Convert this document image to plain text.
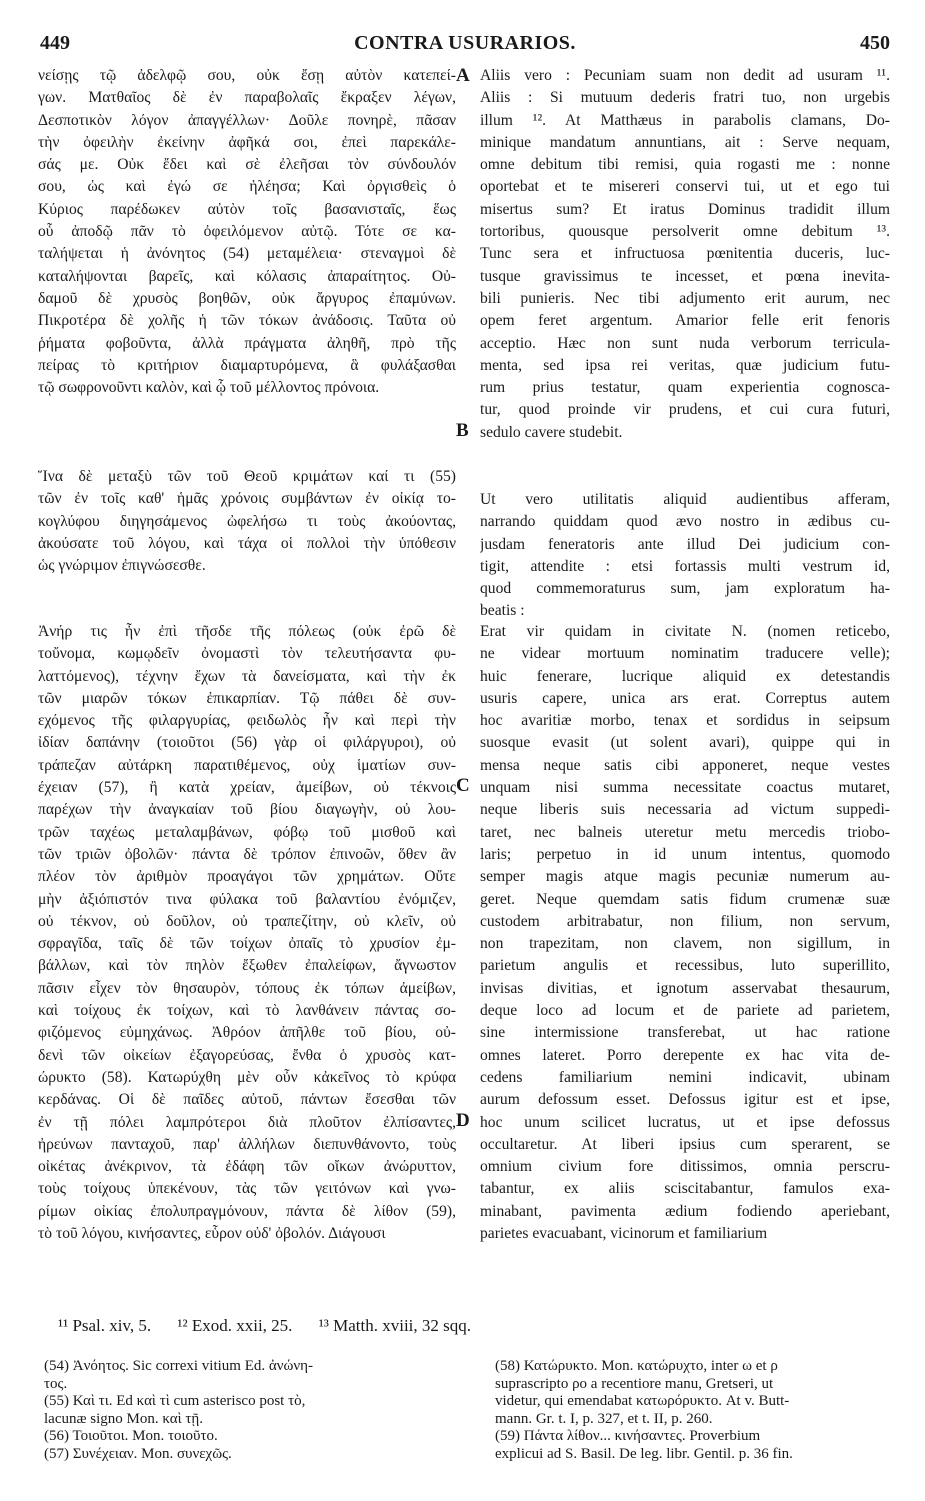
449	CONTRA USURARIOS.	450
νείσῃς τῷ ἀδελφῷ σου, οὐκ ἔσῃ αὐτὸν κατεπεί-
γων. Ματθαῖος δὲ ἐν παραβολαῖς ἔκραξεν λέγων,
Δεσποτικὸν λόγον ἀπαγγέλλων· Δοῦλε πονηρὲ, πᾶσαν
τὴν ὀφειλὴν ἐκείνην ἀφῆκά σοι, ἐπεὶ παρεκάλε-
σάς με. Οὐκ ἔδει καὶ σὲ ἐλεῆσαι τὸν σύνδουλόν
σου, ὡς καὶ ἐγώ σε ἠλέησα; Καὶ ὀργισθεὶς ὁ
Κύριος παρέδωκεν αὐτὸν τοῖς βασανισταῖς, ἕως
οὗ ἀποδῷ πᾶν τὸ ὀφειλόμενον αὐτῷ. Τότε σε κα-
ταλήψεται ἡ ἀνόνητος (54) μεταμέλεια· στεναγμοὶ δὲ
καταλήψονται βαρεῖς, καὶ κόλασις ἀπαραίτητος. Οὐ-
δαμοῦ δὲ χρυσὸς βοηθῶν, οὐκ ἄργυρος ἐπαμύνων.
Πικροτέρα δὲ χολῆς ἡ τῶν τόκων ἀνάδοσις. Ταῦτα οὐ
ῥήματα φοβοῦντα, ἀλλὰ πράγματα ἀληθῆ, πρὸ τῆς
πείρας τὸ κριτήριον διαμαρτυρόμενα, ἃ φυλάξασθαι
τῷ σωφρονοῦντι καλὸν, καὶ ᾧ τοῦ μέλλοντος πρόνοια.
Ἵνα δὲ μεταξὺ τῶν τοῦ Θεοῦ κριμάτων καί τι (55)
τῶν ἐν τοῖς καθ' ἡμᾶς χρόνοις συμβάντων ἐν οἰκίᾳ το-
κογλύφου διηγησάμενος ὠφελήσω τι τοὺς ἀκούοντας,
ἀκούσατε τοῦ λόγου, καὶ τάχα οἱ πολλοὶ τὴν ὑπόθεσιν
ὡς γνώριμον ἐπιγνώσεσθε.
Ἀνήρ τις ἦν ἐπὶ τῆσδε τῆς πόλεως (οὐκ ἐρῶ δὲ
τοὔνομα, κωμῳδεῖν ὀνομαστὶ τὸν τελευτήσαντα φυ-
λαττόμενος), τέχνην ἔχων τὰ δανείσματα, καὶ τὴν ἐκ
τῶν μιαρῶν τόκων ἐπικαρπίαν. Τῷ πάθει δὲ συν-
εχόμενος τῆς φιλαργυρίας, φειδωλὸς ἦν καὶ περὶ τὴν
ἰδίαν δαπάνην (τοιοῦτοι (56) γὰρ οἱ φιλάργυροι), οὐ
τράπεζαν αὐτάρκη παρατιθέμενος, οὐχ ἱματίων συν-
έχειαν (57), ἢ κατὰ χρείαν, ἀμείβων, οὐ τέκνοις
παρέχων τὴν ἀναγκαίαν τοῦ βίου διαγωγὴν, οὐ λου-
τρῶν ταχέως μεταλαμβάνων, φόβῳ τοῦ μισθοῦ καὶ
τῶν τριῶν ὀβολῶν· πάντα δὲ τρόπον ἐπινοῶν, ὅθεν ἂν
πλέον τὸν ἀριθμὸν προαγάγοι τῶν χρημάτων. Οὔτε
μὴν ἀξιόπιστόν τινα φύλακα τοῦ βαλαντίου ἐνόμιζεν,
οὐ τέκνον, οὐ δοῦλον, οὐ τραπεζίτην, οὐ κλεῖν, οὐ
σφραγῖδα, ταῖς δὲ τῶν τοίχων ὀπαῖς τὸ χρυσίον ἐμ-
βάλλων, καὶ τὸν πηλὸν ἔξωθεν ἐπαλείφων, ἄγνωστον
πᾶσιν εἶχεν τὸν θησαυρὸν, τόπους ἐκ τόπων ἀμείβων,
καὶ τοίχους ἐκ τοίχων, καὶ τὸ λανθάνειν πάντας σο-
φιζόμενος εὐμηχάνως. Ἀθρόον ἀπῆλθε τοῦ βίου, οὐ-
δενὶ τῶν οἰκείων ἐξαγορεύσας, ἔνθα ὁ χρυσὸς κατ-
ώρυκτο (58). Κατωρύχθη μὲν οὖν κἀκεῖνος τὸ κρύφα
κερδάνας. Οἱ δὲ παῖδες αὐτοῦ, πάντων ἔσεσθαι τῶν
ἐν τῇ πόλει λαμπρότεροι διὰ πλοῦτον ἐλπίσαντες,
ἠρεύνων πανταχοῦ, παρ' ἀλλήλων διεπυνθάνοντο, τοὺς
οἰκέτας ἀνέκρινον, τὰ ἐδάφη τῶν οἴκων ἀνώρυττον,
τοὺς τοίχους ὑπεκένουν, τὰς τῶν γειτόνων καὶ γνω-
ρίμων οἰκίας ἐπολυπραγμόνουν, πάντα δὲ λίθον (59),
τὸ τοῦ λόγου, κινήσαντες, εὗρον οὐδ' ὀβολόν. Διάγουσι
Aliis vero : Pecuniam suam non dedit ad usuram ¹¹.
Aliis : Si mutuum dederis fratri tuo, non urgebis
illum ¹². At Matthæus in parabolis clamans, Do-
minique mandatum annuntians, ait : Serve nequam,
omne debitum tibi remisi, quia rogasti me : nonne
oportebat et te misereri conservi tui, ut et ego tui
misertus sum? Et iratus Dominus tradidit illum
tortoribus, quousque persolverit omne debitum ¹³.
Tunc sera et infructuosa pœnitentia duceris, luc-
tusque gravissimus te incesset, et pœna inevita-
bili punieris. Nec tibi adjumento erit aurum, nec
opem feret argentum. Amarior felle erit fenoris
acceptio. Hæc non sunt nuda verborum terricula-
menta, sed ipsa rei veritas, quæ judicium futu-
rum prius testatur, quam experientia cognosca-
tur, quod proinde vir prudens, et cui cura futuri,
sedulo cavere studebit.
Ut vero utilitatis aliquid audientibus afferam,
narrando quiddam quod ævo nostro in ædibus cu-
jusdam feneratoris ante illud Dei judicium con-
tigit, attendite : etsi fortassis multi vestrum id,
quod commemoraturus sum, jam exploratum ha-
beatis :
Erat vir quidam in civitate N. (nomen reticebo,
ne videar mortuum nominatim traducere velle);
huic fenerare, lucrique aliquid ex detestandis
usuris capere, unica ars erat. Correptus autem
hoc avaritiæ morbo, tenax et sordidus in seipsum
suosque evasit (ut solent avari), quippe qui in
mensa neque satis cibi apponeret, neque vestes
unquam nisi summa necessitate coactus mutaret,
neque liberis suis necessaria ad victum suppedi-
taret, nec balneis uteretur metu mercedis triobo-
laris; perpetuo in id unum intentus, quomodo
semper magis atque magis pecuniæ numerum au-
geret. Neque quemdam satis fidum crumenæ suæ
custodem arbitrabatur, non filium, non servum,
non trapezitam, non clavem, non sigillum, in
parietum angulis et recessibus, luto superillito,
invisas divitias, et ignotum asservabat thesaurum,
deque loco ad locum et de pariete ad parietem,
sine intermissione transferebat, ut hac ratione
omnes lateret. Porro derepente ex hac vita de-
cedens familiarium nemini indicavit, ubinam
aurum defossum esset. Defossus igitur est et ipse,
hoc unum scilicet lucratus, ut et ipse defossus
occultaretur. At liberi ipsius cum sperarent, se
omnium civium fore ditissimos, omnia perscru-
tabantur, ex aliis sciscitabantur, famulos exa-
minabant, pavimenta ædium fodiendo aperiebant,
parietes evacuabant, vicinorum et familiarium
A
B
C
D
¹¹ Psal. xiv, 5. ¹² Exod. xxii, 25. ¹³ Matth. xviii, 32 sqq.
(54) Ἀνόητος. Sic correxi vitium Ed. ἀνώνη-
τος.
(55) Καὶ τι. Ed καὶ τὶ cum asterisco post τὸ,
lacunæ signo Mon. καὶ τῇ.
(56) Τοιοῦτοι. Mon. τοιοῦτο.
(57) Συνέχειαν. Mon. συνεχῶς.
(58) Κατώρυκτο. Mon. κατώρυχτο, inter ω et ρ
suprascripto ρο a recentiore manu, Gretseri, ut
videtur, qui emendabat κατωρόρυκτο. At v. Butt-
mann. Gr. t. I, p. 327, et t. II, p. 260.
(59) Πάντα λίθον... κινήσαντες. Proverbium
explicui ad S. Basil. De leg. libr. Gentil. p. 36 fin.
